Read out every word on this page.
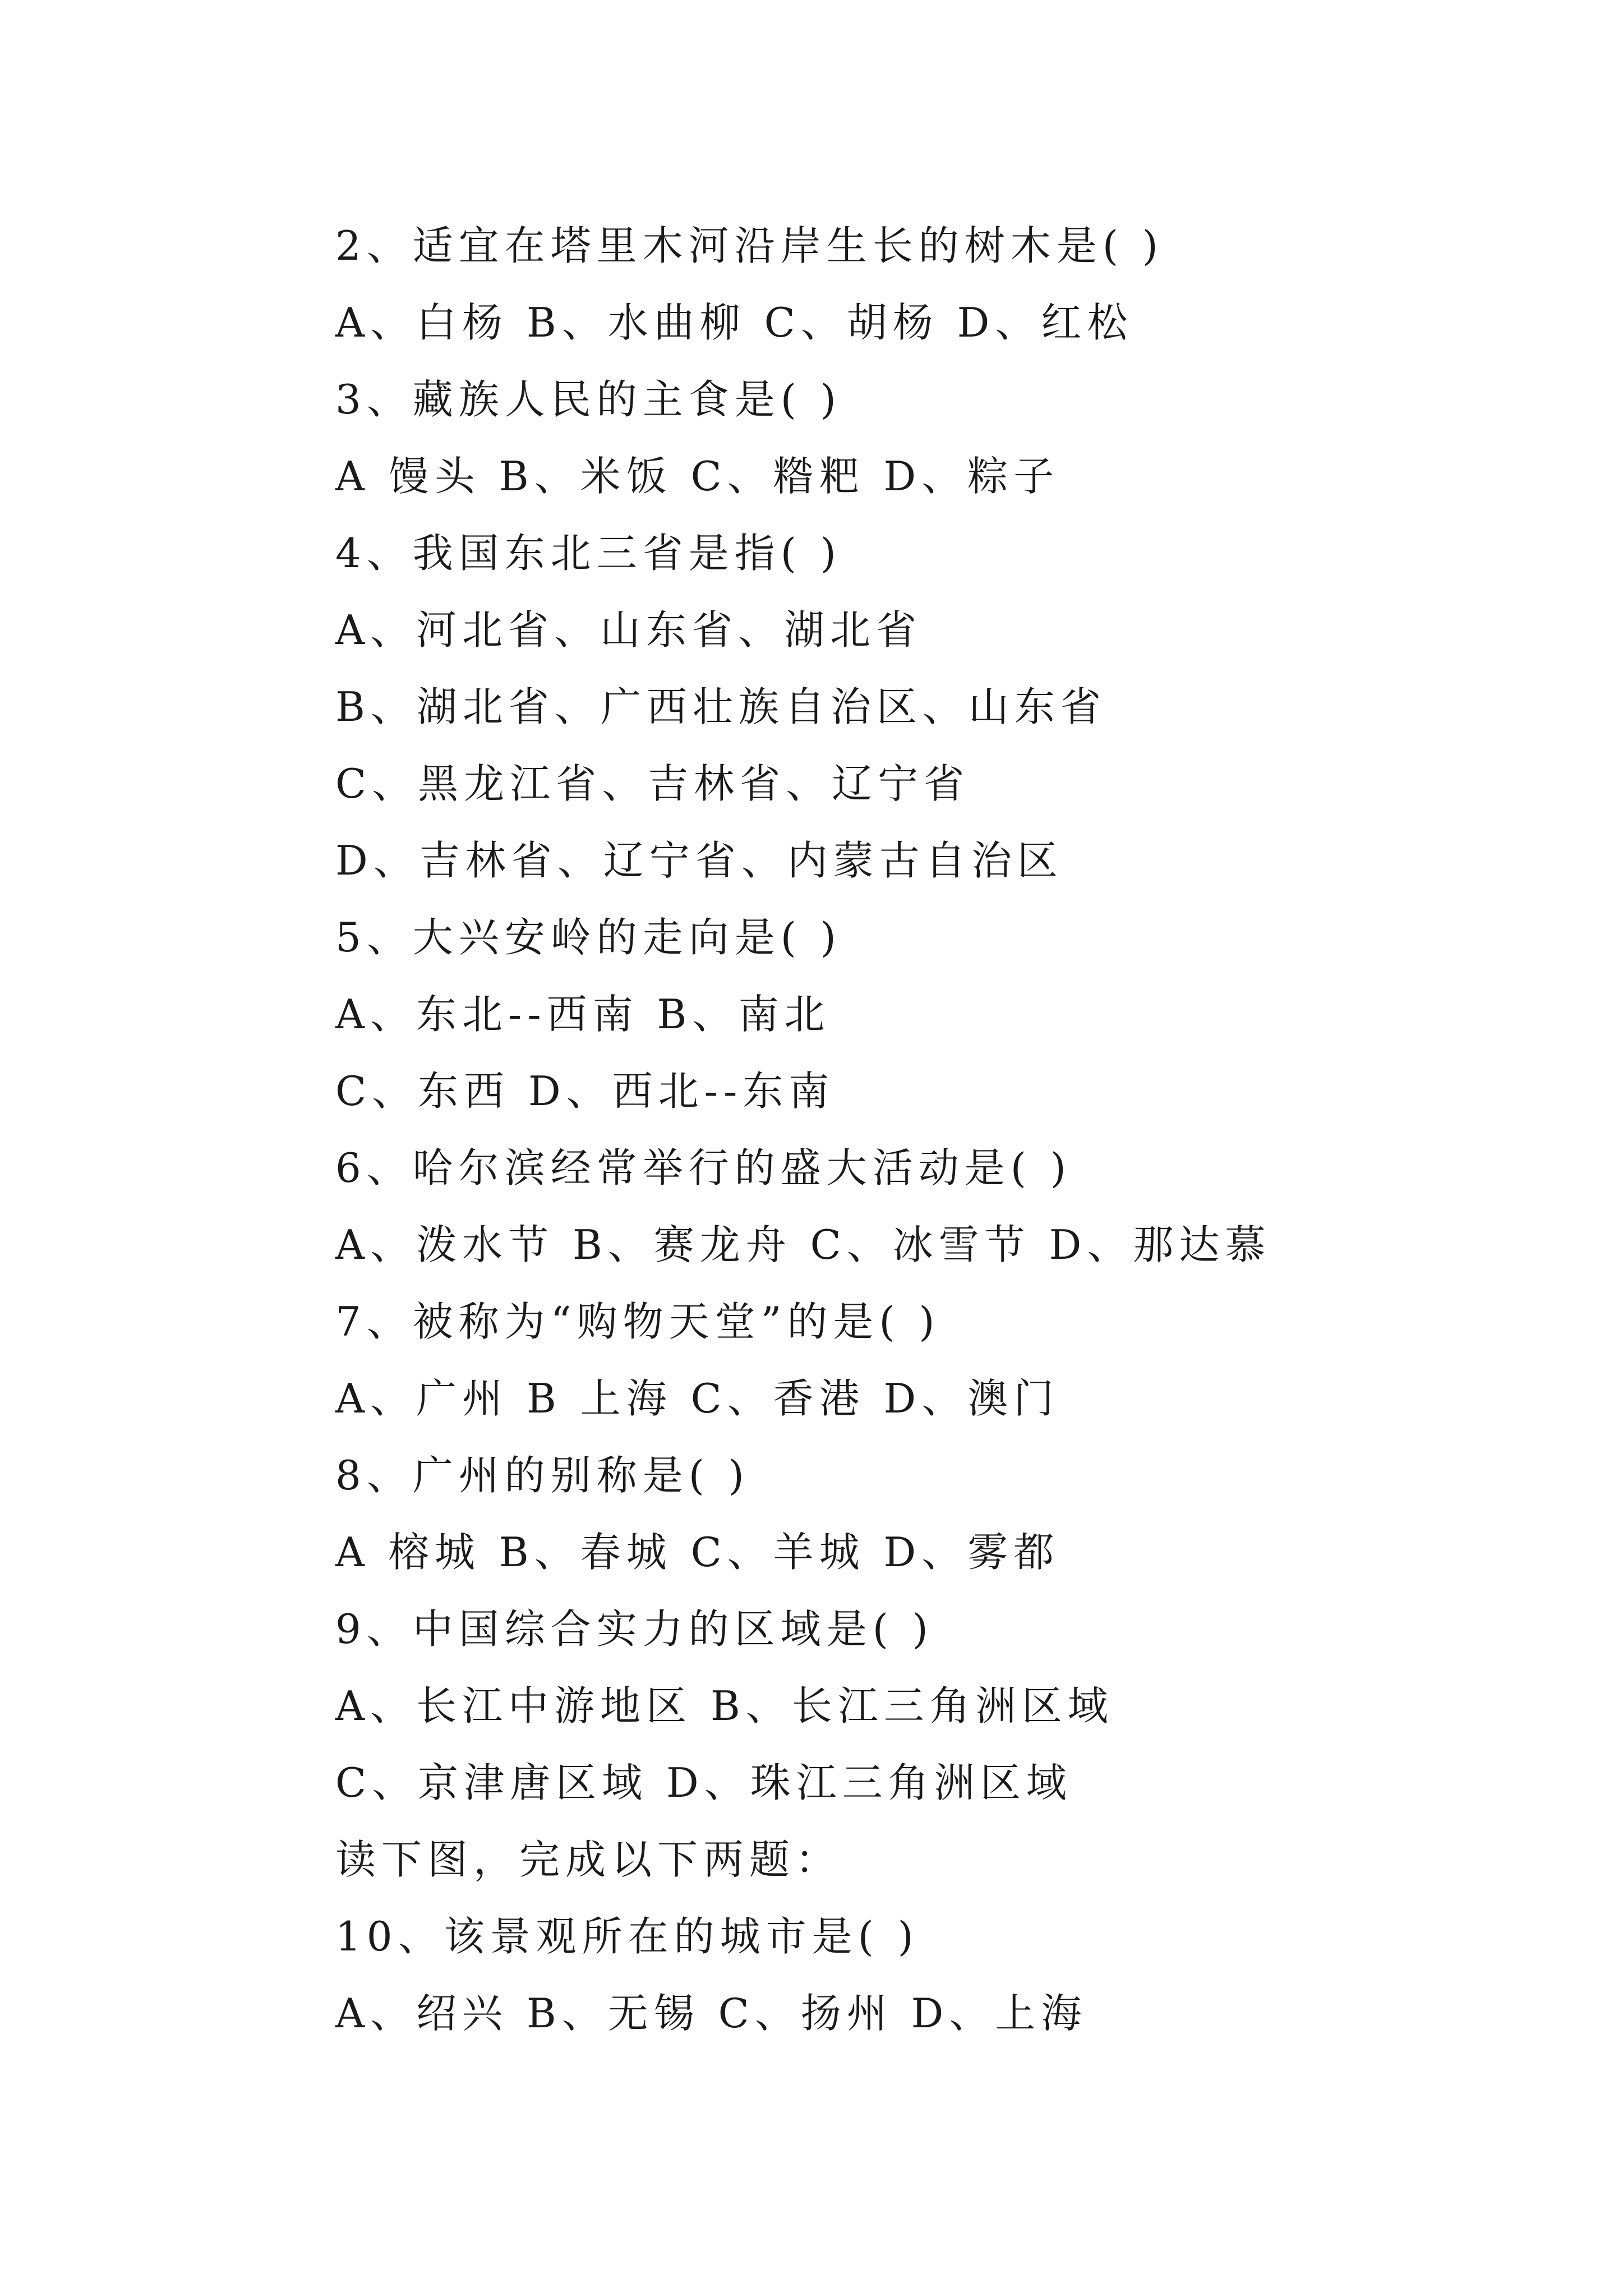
2、适宜在塔里木河沿岸生长的树木是( )
A、白杨 B、水曲柳 C、胡杨 D、红松
3、藏族人民的主食是( )
A 馒头 B、米饭 C、糌粑 D、粽子
4、我国东北三省是指( )
A、河北省、山东省、湖北省
B、湖北省、广西壮族自治区、山东省
C、黑龙江省、吉林省、辽宁省
D、吉林省、辽宁省、内蒙古自治区
5、大兴安岭的走向是( )
A、东北--西南 B、南北
C、东西 D、西北--东南
6、哈尔滨经常举行的盛大活动是( )
A、泼水节 B、赛龙舟 C、冰雪节 D、那达慕
7、被称为“购物天堂”的是( )
A、广州 B 上海 C、香港 D、澳门
8、广州的别称是( )
A 榕城 B、春城 C、羊城 D、雾都
9、中国综合实力的区域是( )
A、长江中游地区 B、长江三角洲区域
C、京津唐区域 D、珠江三角洲区域
读下图，完成以下两题：
10、该景观所在的城市是( )
A、绍兴 B、无锡 C、扬州 D、上海
